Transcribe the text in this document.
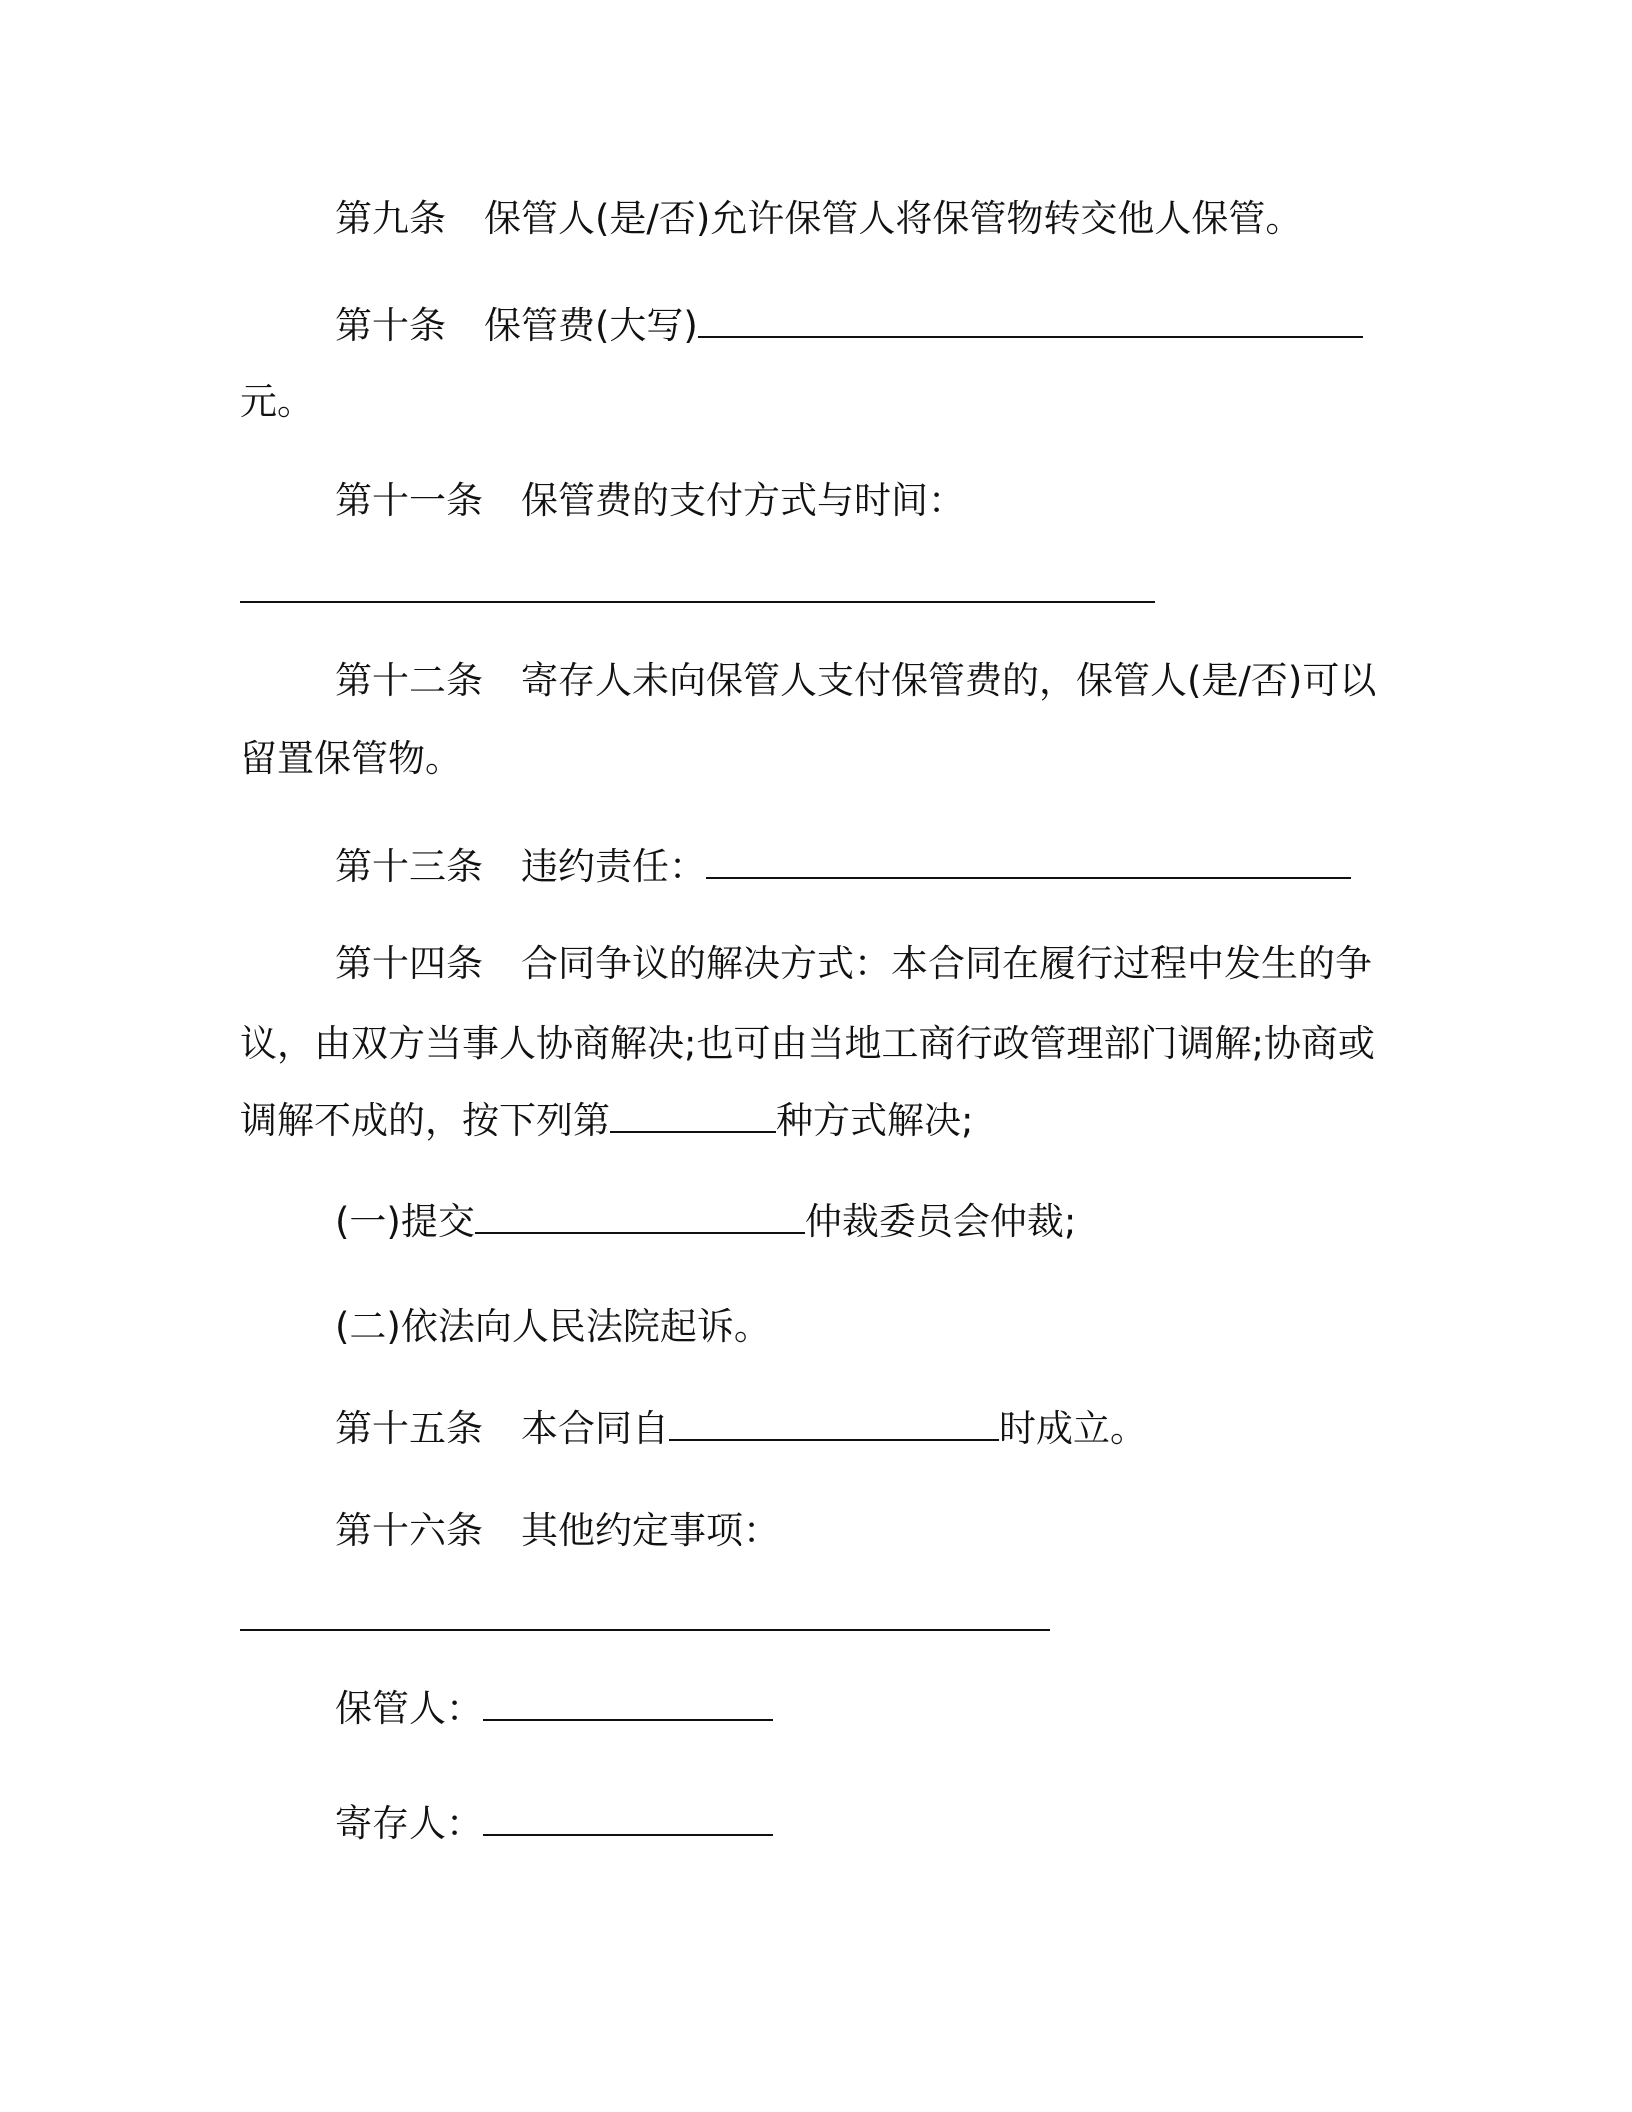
第九条 保管人(是/否)允许保管人将保管物转交他人保管。
第十条 保管费(大写)
元。
第十一条 保管费的支付方式与时间：
第十二条 寄存人未向保管人支付保管费的，保管人(是/否)可以
留置保管物。
第十三条 违约责任：
第十四条 合同争议的解决方式：本合同在履行过程中发生的争
议，由双方当事人协商解决;也可由当地工商行政管理部门调解;协商或
调解不成的，按下列第	种方式解决;
(一)提交	仲裁委员会仲裁;
(二)依法向人民法院起诉。
第十五条 本合同自	时成立。
第十六条 其他约定事项：
保管人：
寄存人：
